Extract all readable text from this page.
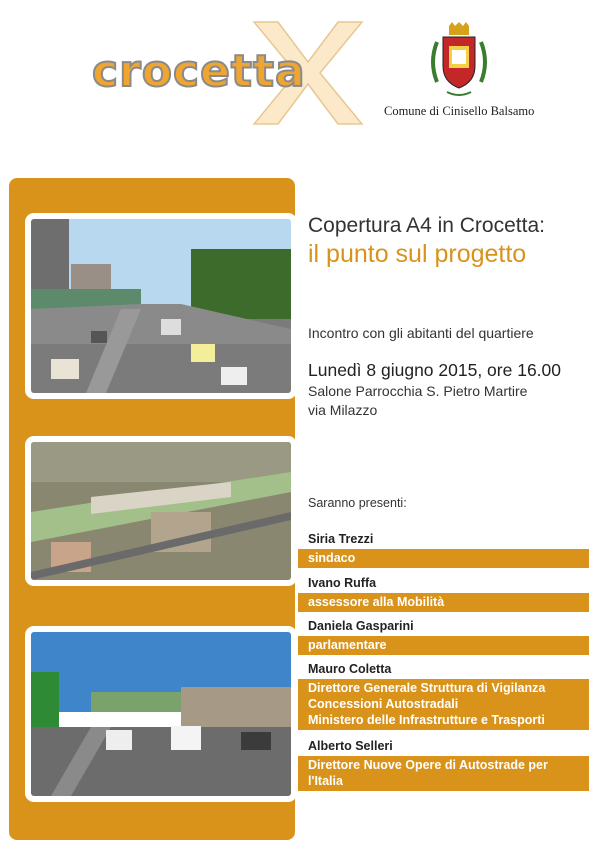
crocetta
Comune di Cinisello Balsamo
Copertura A4 in Crocetta:
il punto sul progetto
Incontro con gli abitanti del quartiere
Lunedì 8 giugno 2015, ore 16.00
Salone Parrocchia S. Pietro Martire
via Milazzo
Saranno presenti:
Siria Trezzi
sindaco
Ivano Ruffa
assessore alla Mobilità
Daniela Gasparini
parlamentare
Mauro Coletta
Direttore Generale Struttura di Vigilanza
Concessioni Autostradali
Ministero delle Infrastrutture e Trasporti
Alberto Selleri
Direttore Nuove Opere di Autostrade per
l'Italia
